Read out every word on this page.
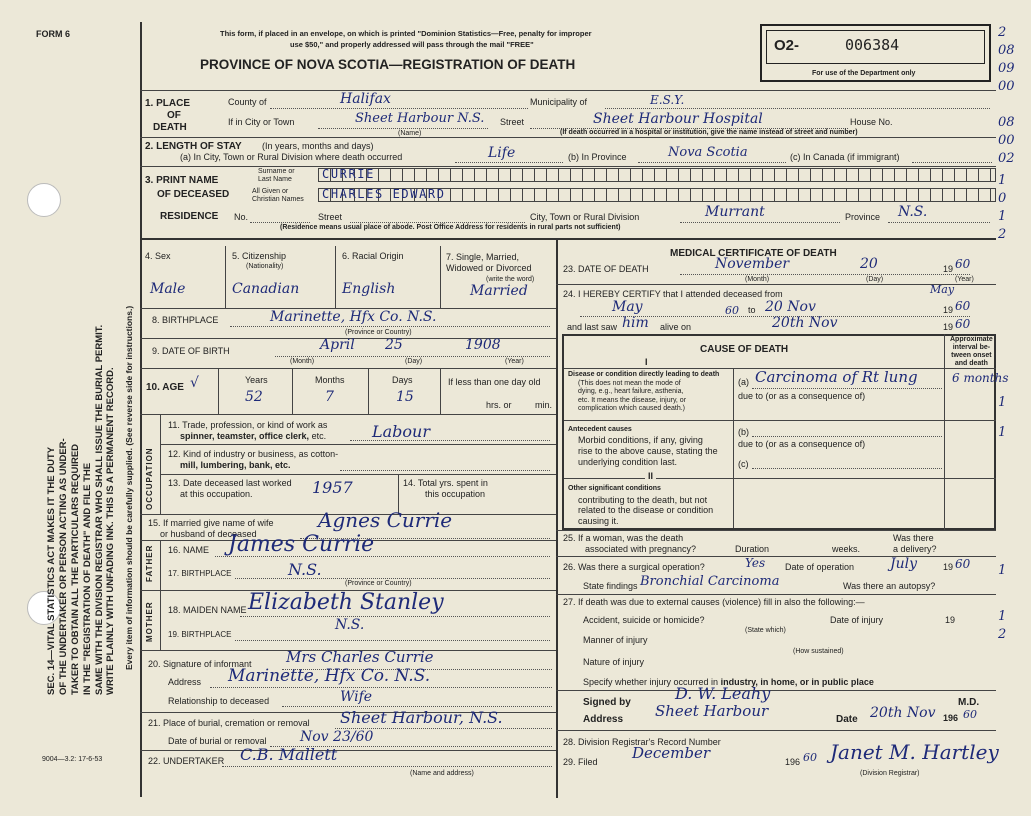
FORM 6
SEC. 14—VITAL STATISTICS ACT MAKES IT THE DUTY OF THE UNDERTAKER OR PERSON ACTING AS UNDER- TAKER TO OBTAIN ALL THE PARTICULARS REQUIRED IN THE "REGISTRATION OF DEATH" AND FILE THE SAME WITH THE DIVISION REGISTRAR WHO SHALL ISSUE THE BURIAL PERMIT. WRITE PLAINLY WITH UNFADING INK. THIS IS A PERMANENT RECORD. Every item of information should be carefully supplied. (See reverse side for instructions.)
9004—3.2: 17-6-53
This form, if placed in an envelope, on which is printed "Dominion Statistics—Free, penalty for improper
use $50," and properly addressed will pass through the mail "FREE"
PROVINCE OF NOVA SCOTIA—REGISTRATION OF DEATH
O2-	006384
For use of the Department only
2
08
09
00
08
00
02
1
0
1
2
1
1
1
1
2
1. PLACE
OF
DEATH
County of	Halifax	Municipality of	E.S.Y.
If in City or Town	Sheet Harbour N.S.
(Name)
Street	Sheet Harbour Hospital	House No.
(If death occurred in a hospital or institution, give the name instead of street and number)
2. LENGTH OF STAY (In years, months and days)
(a) In City, Town or Rural Division where death occurred	Life	(b) In Province	Nova Scotia	(c) In Canada (if immigrant)
3. PRINT NAME
OF DECEASED
Surname or
Last Name
All Given or
Christian Names
CURRIE
CHARLES EDWARD
RESIDENCE No.	Street	City, Town or Rural Division	Murrant	Province N.S.
(Residence means usual place of abode. Post Office Address for residents in rural parts not sufficient)
4. Sex
Male
5. Citizenship
(Nationality)
Canadian
6. Racial Origin
English
7. Single, Married,
Widowed or Divorced
(write the word)
Married
8. BIRTHPLACE	Marinette, Hfx Co. N.S.
(Province or Country)
9. DATE OF BIRTH	April 25	1908
(Month)	(Day)	(Year)
10. AGE √	Years	Months	Days
52	7	15
If less than one day old
hrs. or	min.
OCCUPATION
11. Trade, profession, or kind of work as
spinner, teamster, office clerk, etc.	Labour
12. Kind of industry or business, as cotton-
mill, lumbering, bank, etc.
13. Date deceased last worked
at this occupation.	1957	14. Total yrs. spent in
this occupation
15. If married give name of wife
or husband of deceased
Agnes Currie
FATHER 16. NAME James Currie
17. BIRTHPLACE	N.S.
(Province or Country)
MOTHER 18. MAIDEN NAME Elizabeth Stanley
19. BIRTHPLACE
N.S.
20. Signature of informant Mrs Charles Currie
Address Marinette, Hfx Co. N.S.
Relationship to deceased	Wife
21. Place of burial, cremation or removal Sheet Harbour, N.S.
Date of burial or removal Nov 23/60
22. UNDERTAKER C.B. Mallett
(Name and address)
MEDICAL CERTIFICATE OF DEATH
23. DATE OF DEATH	November	20	19 60
(Month)	(Day)	(Year)
24. I HEREBY CERTIFY that I attended deceased from	May
May	60 to 20 Nov	19 60
and last saw him alive on	20th Nov	19 60
CAUSE OF DEATH
Approximate
interval be-
tween onset
and death
I
Disease or condition directly leading to death
(This does not mean the mode of
dying, e.g., heart failure, asthenia,
etc. It means the disease, injury, or
complication which caused death.)
(a) Carcinoma of Rt lung	6 months
due to (or as a consequence of)
Antecedent causes
Morbid conditions, if any, giving
rise to the above cause, stating the
underlying condition last.
(b)
due to (or as a consequence of)
(c)
II
Other significant conditions
contributing to the death, but not
related to the disease or condition
causing it.
25. If a woman, was the death
associated with pregnancy?	Duration	weeks.
Was there
a delivery?
26. Was there a surgical operation?	Yes Date of operation	July	19 60
State findings Bronchial Carcinoma	Was there an autopsy?
27. If death was due to external causes (violence) fill in also the following:—
Accident, suicide or homicide?	Date of injury	19
(State which)
Manner of injury
(How sustained)
Nature of injury
Specify whether injury occurred in industry, in home, or in public place
Signed by	D. W. Leahy	M.D.
Address Sheet Harbour	Date 20th Nov 196 60
28. Division Registrar's Record Number
29. Filed December	196 60 Janet M. Hartley
(Division Registrar)
